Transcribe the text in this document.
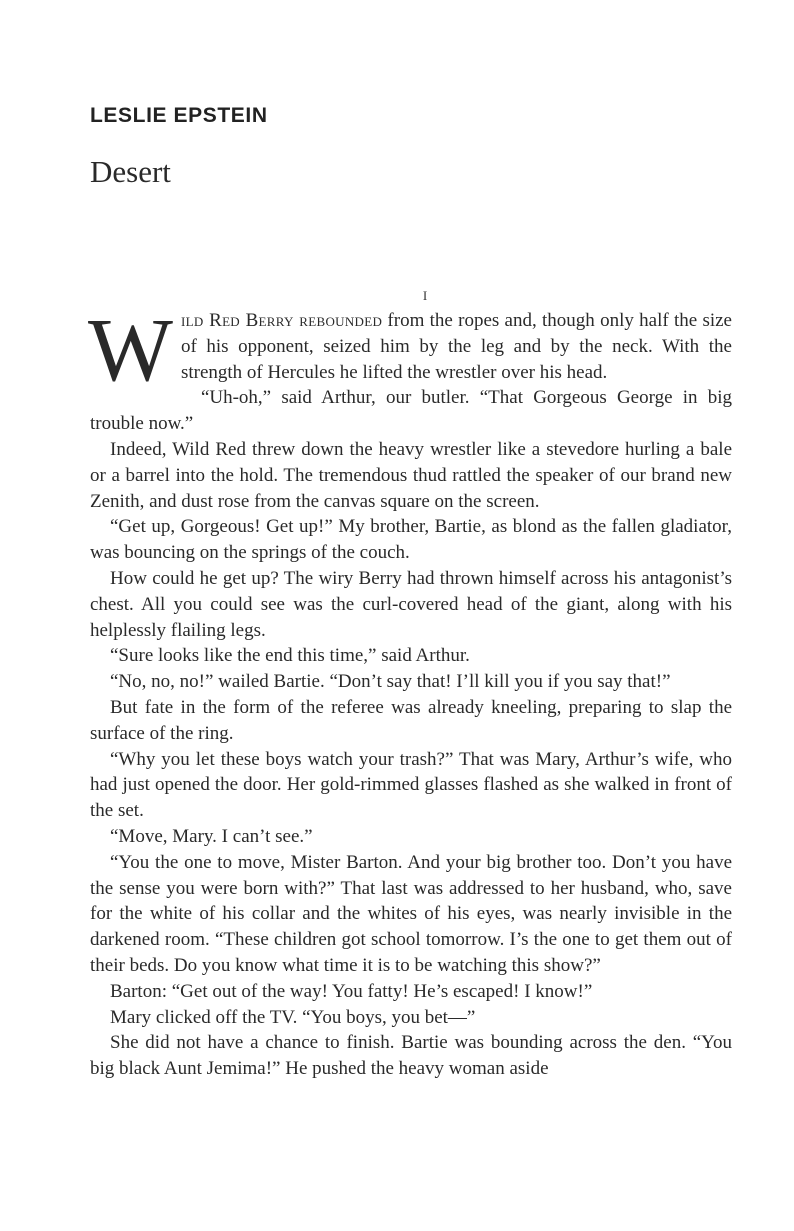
LESLIE EPSTEIN
Desert
I

Wild Red Berry rebounded from the ropes and, though only half the size of his opponent, seized him by the leg and by the neck. With the strength of Hercules he lifted the wrestler over his head.

“Uh-oh,” said Arthur, our butler. “That Gorgeous George in big trouble now.”

Indeed, Wild Red threw down the heavy wrestler like a stevedore hurling a bale or a barrel into the hold. The tremendous thud rattled the speaker of our brand new Zenith, and dust rose from the canvas square on the screen.

“Get up, Gorgeous! Get up!” My brother, Bartie, as blond as the fallen gladiator, was bouncing on the springs of the couch.

How could he get up? The wiry Berry had thrown himself across his antagonist’s chest. All you could see was the curl-covered head of the giant, along with his helplessly flailing legs.

“Sure looks like the end this time,” said Arthur.

“No, no, no!” wailed Bartie. “Don’t say that! I’ll kill you if you say that!”

But fate in the form of the referee was already kneeling, preparing to slap the surface of the ring.

“Why you let these boys watch your trash?” That was Mary, Arthur’s wife, who had just opened the door. Her gold-rimmed glasses flashed as she walked in front of the set.

“Move, Mary. I can’t see.”

“You the one to move, Mister Barton. And your big brother too. Don’t you have the sense you were born with?” That last was addressed to her husband, who, save for the white of his collar and the whites of his eyes, was nearly invisible in the darkened room. “These children got school tomorrow. I’s the one to get them out of their beds. Do you know what time it is to be watching this show?”

Barton: “Get out of the way! You fatty! He’s escaped! I know!”

Mary clicked off the TV. “You boys, you bet—”

She did not have a chance to finish. Bartie was bounding across the den. “You big black Aunt Jemima!” He pushed the heavy woman aside
